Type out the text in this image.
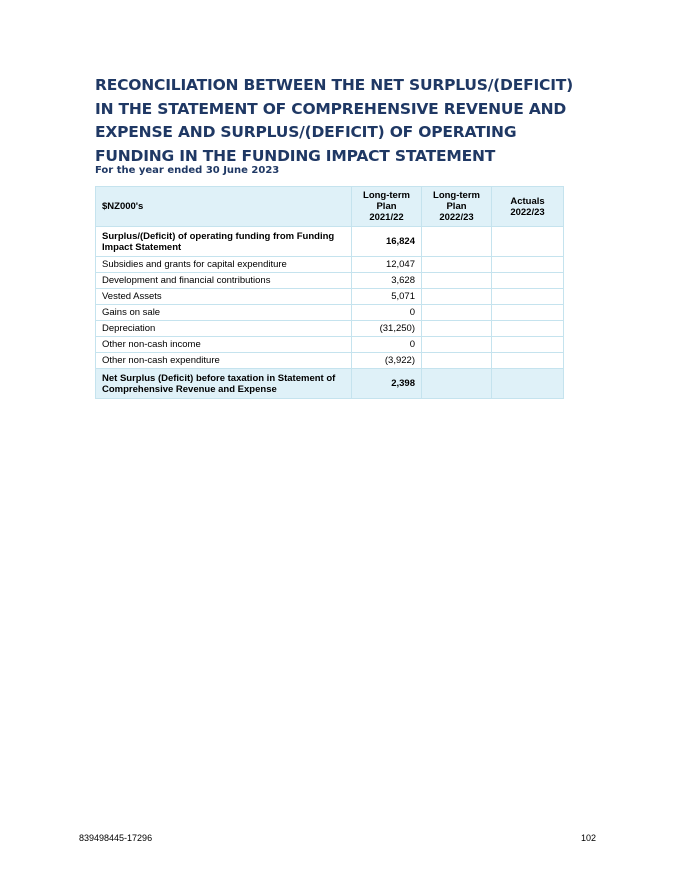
RECONCILIATION BETWEEN THE NET SURPLUS/(DEFICIT) IN THE STATEMENT OF COMPREHENSIVE REVENUE AND EXPENSE AND SURPLUS/(DEFICIT) OF OPERATING FUNDING IN THE FUNDING IMPACT STATEMENT

For the year ended 30 June 2023

$NZ000's	Long-term Plan 2021/22	Long-term Plan 2022/23	Actuals 2022/23
Surplus/(Deficit) of operating funding from Funding Impact Statement	16,824		
Subsidies and grants for capital expenditure	12,047		
Development and financial contributions	3,628		
Vested Assets	5,071		
Gains on sale	0		
Depreciation	(31,250)		
Other non-cash income	0		
Other non-cash expenditure	(3,922)		
Net Surplus (Deficit) before taxation in Statement of Comprehensive Revenue and Expense	2,398		
839498445-17296	102
